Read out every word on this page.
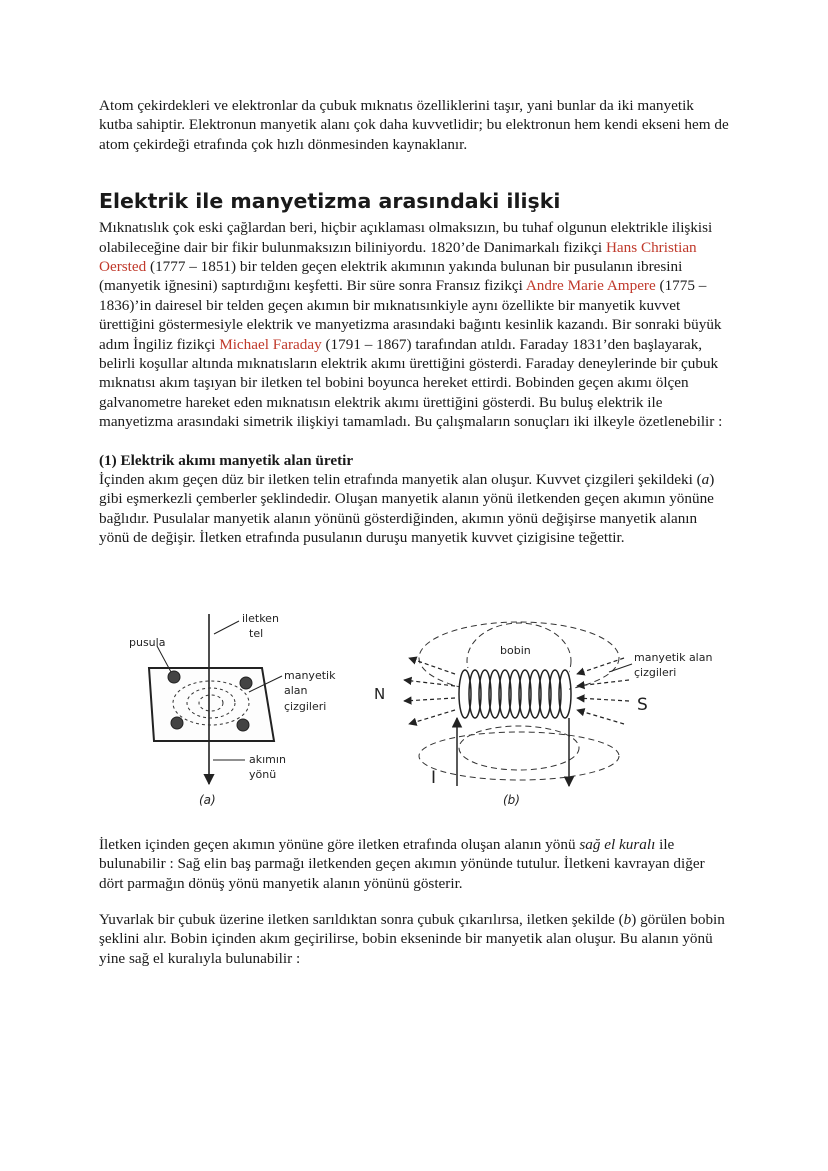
Atom çekirdekleri ve elektronlar da çubuk mıknatıs özelliklerini taşır, yani bunlar da iki manyetik kutba sahiptir. Elektronun manyetik alanı çok daha kuvvetlidir; bu elektronun hem kendi ekseni hem de atom çekirdeği etrafında çok hızlı dönmesinden kaynaklanır.

Elektrik ile manyetizma arasındaki ilişki

Mıknatıslık çok eski çağlardan beri, hiçbir açıklaması olmaksızın, bu tuhaf olgunun elektrikle ilişkisi olabileceğine dair bir fikir bulunmaksızın biliniyordu. 1820’de Danimarkalı fizikçi Hans Christian Oersted (1777 – 1851) bir telden geçen elektrik akımının yakında bulunan bir pusulanın ibresini (manyetik iğnesini) saptırdığını keşfetti. Bir süre sonra Fransız fizikçi Andre Marie Ampere (1775 – 1836)’in dairesel bir telden geçen akımın bir mıknatısınkiyle aynı özellikte bir manyetik kuvvet ürettiğini göstermesiyle elektrik ve manyetizma arasındaki bağıntı kesinlik kazandı. Bir sonraki büyük adım İngiliz fizikçi Michael Faraday (1791 – 1867) tarafından atıldı. Faraday 1831’den başlayarak, belirli koşullar altında mıknatısların elektrik akımı ürettiğini gösterdi. Faraday deneylerinde bir çubuk mıknatısı akım taşıyan bir iletken tel bobini boyunca hereket ettirdi. Bobinden geçen akımı ölçen galvanometre hareket eden mıknatısın elektrik akımı ürettiğini gösterdi. Bu buluş elektrik ile manyetizma arasındaki simetrik ilişkiyi tamamladı. Bu çalışmaların sonuçları iki ilkeyle özetlenebilir :

(1) Elektrik akımı manyetik alan üretir

İçinden akım geçen düz bir iletken telin etrafında manyetik alan oluşur. Kuvvet çizgileri şekildeki (a) gibi eşmerkezli çemberler şeklindedir. Oluşan manyetik alanın yönü iletkenden geçen akımın yönüne bağlıdır. Pusulalar manyetik alanın yönünü gösterdiğinden, akımın yönü değişirse manyetik alanın yönü de değişir. İletken etrafında pusulanın duruşu manyetik kuvvet çizigisine teğettir.

iletken
tel
pusula
manyetik
alan
çizgileri
akımın
yönü
(a)
bobin
manyetik alan
çizgileri
N
S
I
(b)

İletken içinden geçen akımın yönüne göre iletken etrafında oluşan alanın yönü sağ el kuralı ile bulunabilir : Sağ elin baş parmağı iletkenden geçen akımın yönünde tutulur. İletkeni kavrayan diğer dört parmağın dönüş yönü manyetik alanın yönünü gösterir.

Yuvarlak bir çubuk üzerine iletken sarıldıktan sonra çubuk çıkarılırsa, iletken şekilde (b) görülen bobin şeklini alır. Bobin içinden akım geçirilirse, bobin ekseninde bir manyetik alan oluşur. Bu alanın yönü yine sağ el kuralıyla bulunabilir :
